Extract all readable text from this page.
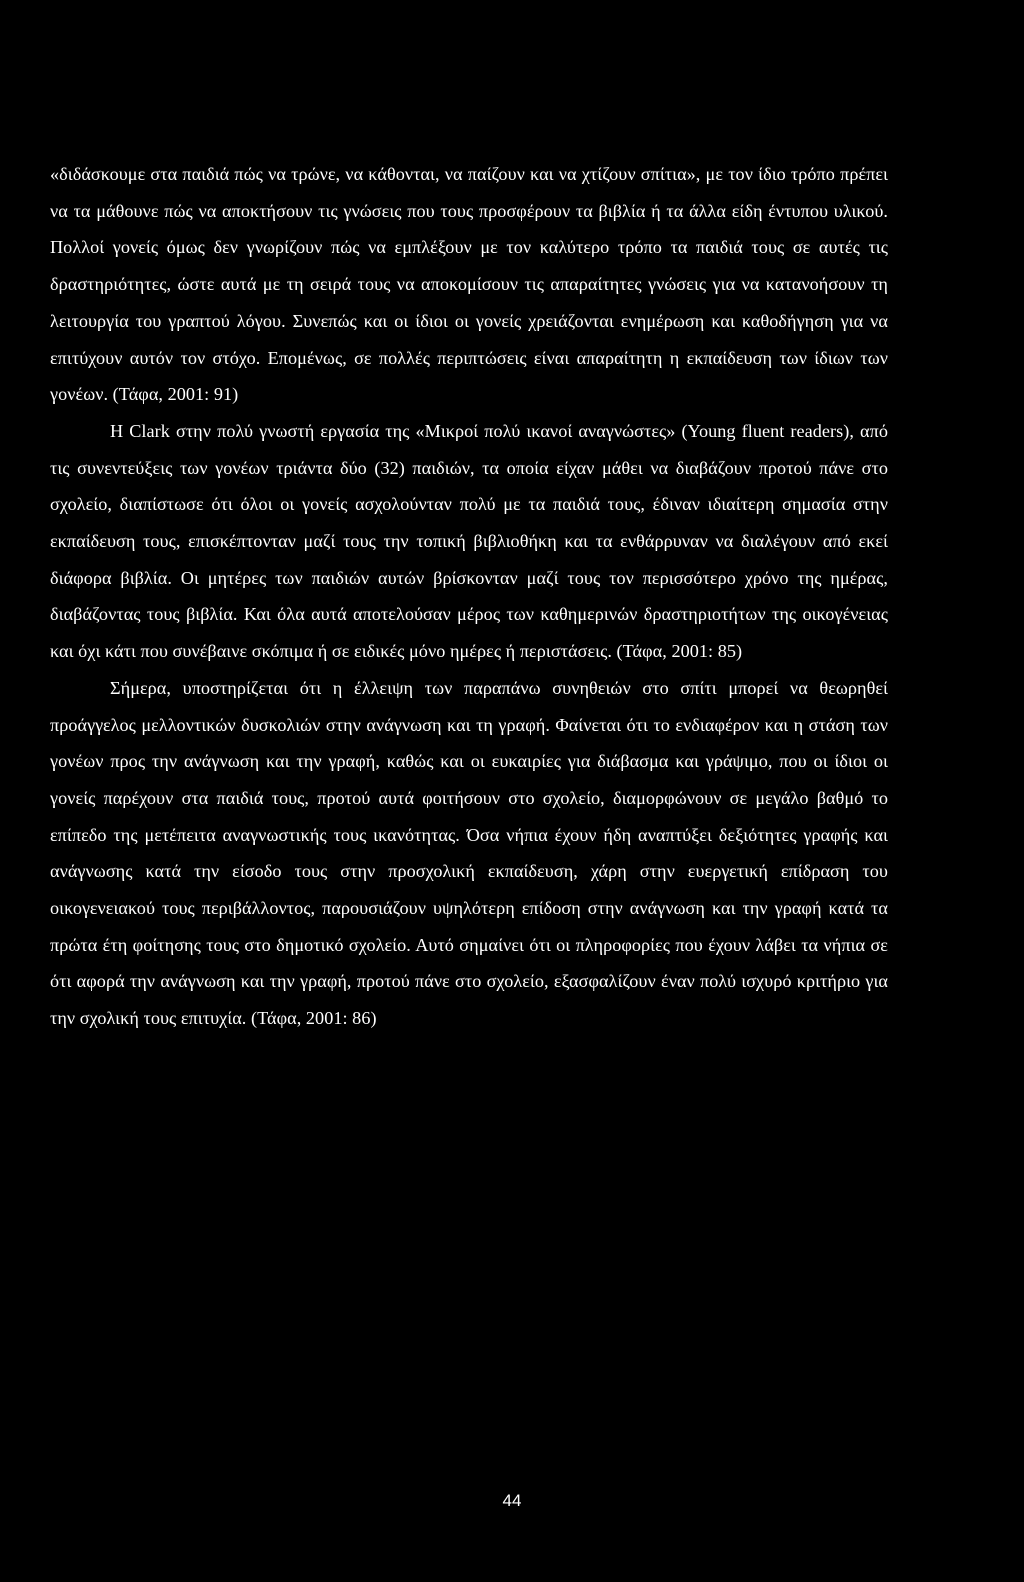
«διδάσκουμε στα παιδιά πώς να τρώνε, να κάθονται, να παίζουν και να χτίζουν σπίτια», με τον ίδιο τρόπο πρέπει να τα μάθουνε πώς να αποκτήσουν τις γνώσεις που τους προσφέρουν τα βιβλία ή τα άλλα είδη έντυπου υλικού. Πολλοί γονείς όμως δεν γνωρίζουν πώς να εμπλέξουν με τον καλύτερο τρόπο τα παιδιά τους σε αυτές τις δραστηριότητες, ώστε αυτά με τη σειρά τους να αποκομίσουν τις απαραίτητες γνώσεις για να κατανοήσουν τη λειτουργία του γραπτού λόγου. Συνεπώς και οι ίδιοι οι γονείς χρειάζονται ενημέρωση και καθοδήγηση για να επιτύχουν αυτόν τον στόχο. Επομένως, σε πολλές περιπτώσεις είναι απαραίτητη η εκπαίδευση των ίδιων των γονέων. (Τάφα, 2001: 91)

Η Clark στην πολύ γνωστή εργασία της «Μικροί πολύ ικανοί αναγνώστες» (Young fluent readers), από τις συνεντεύξεις των γονέων τριάντα δύο (32) παιδιών, τα οποία είχαν μάθει να διαβάζουν προτού πάνε στο σχολείο, διαπίστωσε ότι όλοι οι γονείς ασχολούνταν πολύ με τα παιδιά τους, έδιναν ιδιαίτερη σημασία στην εκπαίδευση τους, επισκέπτονταν μαζί τους την τοπική βιβλιοθήκη και τα ενθάρρυναν να διαλέγουν από εκεί διάφορα βιβλία. Οι μητέρες των παιδιών αυτών βρίσκονταν μαζί τους τον περισσότερο χρόνο της ημέρας, διαβάζοντας τους βιβλία. Και όλα αυτά αποτελούσαν μέρος των καθημερινών δραστηριοτήτων της οικογένειας και όχι κάτι που συνέβαινε σκόπιμα ή σε ειδικές μόνο ημέρες ή περιστάσεις. (Τάφα, 2001: 85)

Σήμερα, υποστηρίζεται ότι η έλλειψη των παραπάνω συνηθειών στο σπίτι μπορεί να θεωρηθεί προάγγελος μελλοντικών δυσκολιών στην ανάγνωση και τη γραφή. Φαίνεται ότι το ενδιαφέρον και η στάση των γονέων προς την ανάγνωση και την γραφή, καθώς και οι ευκαιρίες για διάβασμα και γράψιμο, που οι ίδιοι οι γονείς παρέχουν στα παιδιά τους, προτού αυτά φοιτήσουν στο σχολείο, διαμορφώνουν σε μεγάλο βαθμό το επίπεδο της μετέπειτα αναγνωστικής τους ικανότητας. Όσα νήπια έχουν ήδη αναπτύξει δεξιότητες γραφής και ανάγνωσης κατά την είσοδο τους στην προσχολική εκπαίδευση, χάρη στην ευεργετική επίδραση του οικογενειακού τους περιβάλλοντος, παρουσιάζουν υψηλότερη επίδοση στην ανάγνωση και την γραφή κατά τα πρώτα έτη φοίτησης τους στο δημοτικό σχολείο. Αυτό σημαίνει ότι οι πληροφορίες που έχουν λάβει τα νήπια σε ότι αφορά την ανάγνωση και την γραφή, προτού πάνε στο σχολείο, εξασφαλίζουν έναν πολύ ισχυρό κριτήριο για την σχολική τους επιτυχία. (Τάφα, 2001: 86)

44
